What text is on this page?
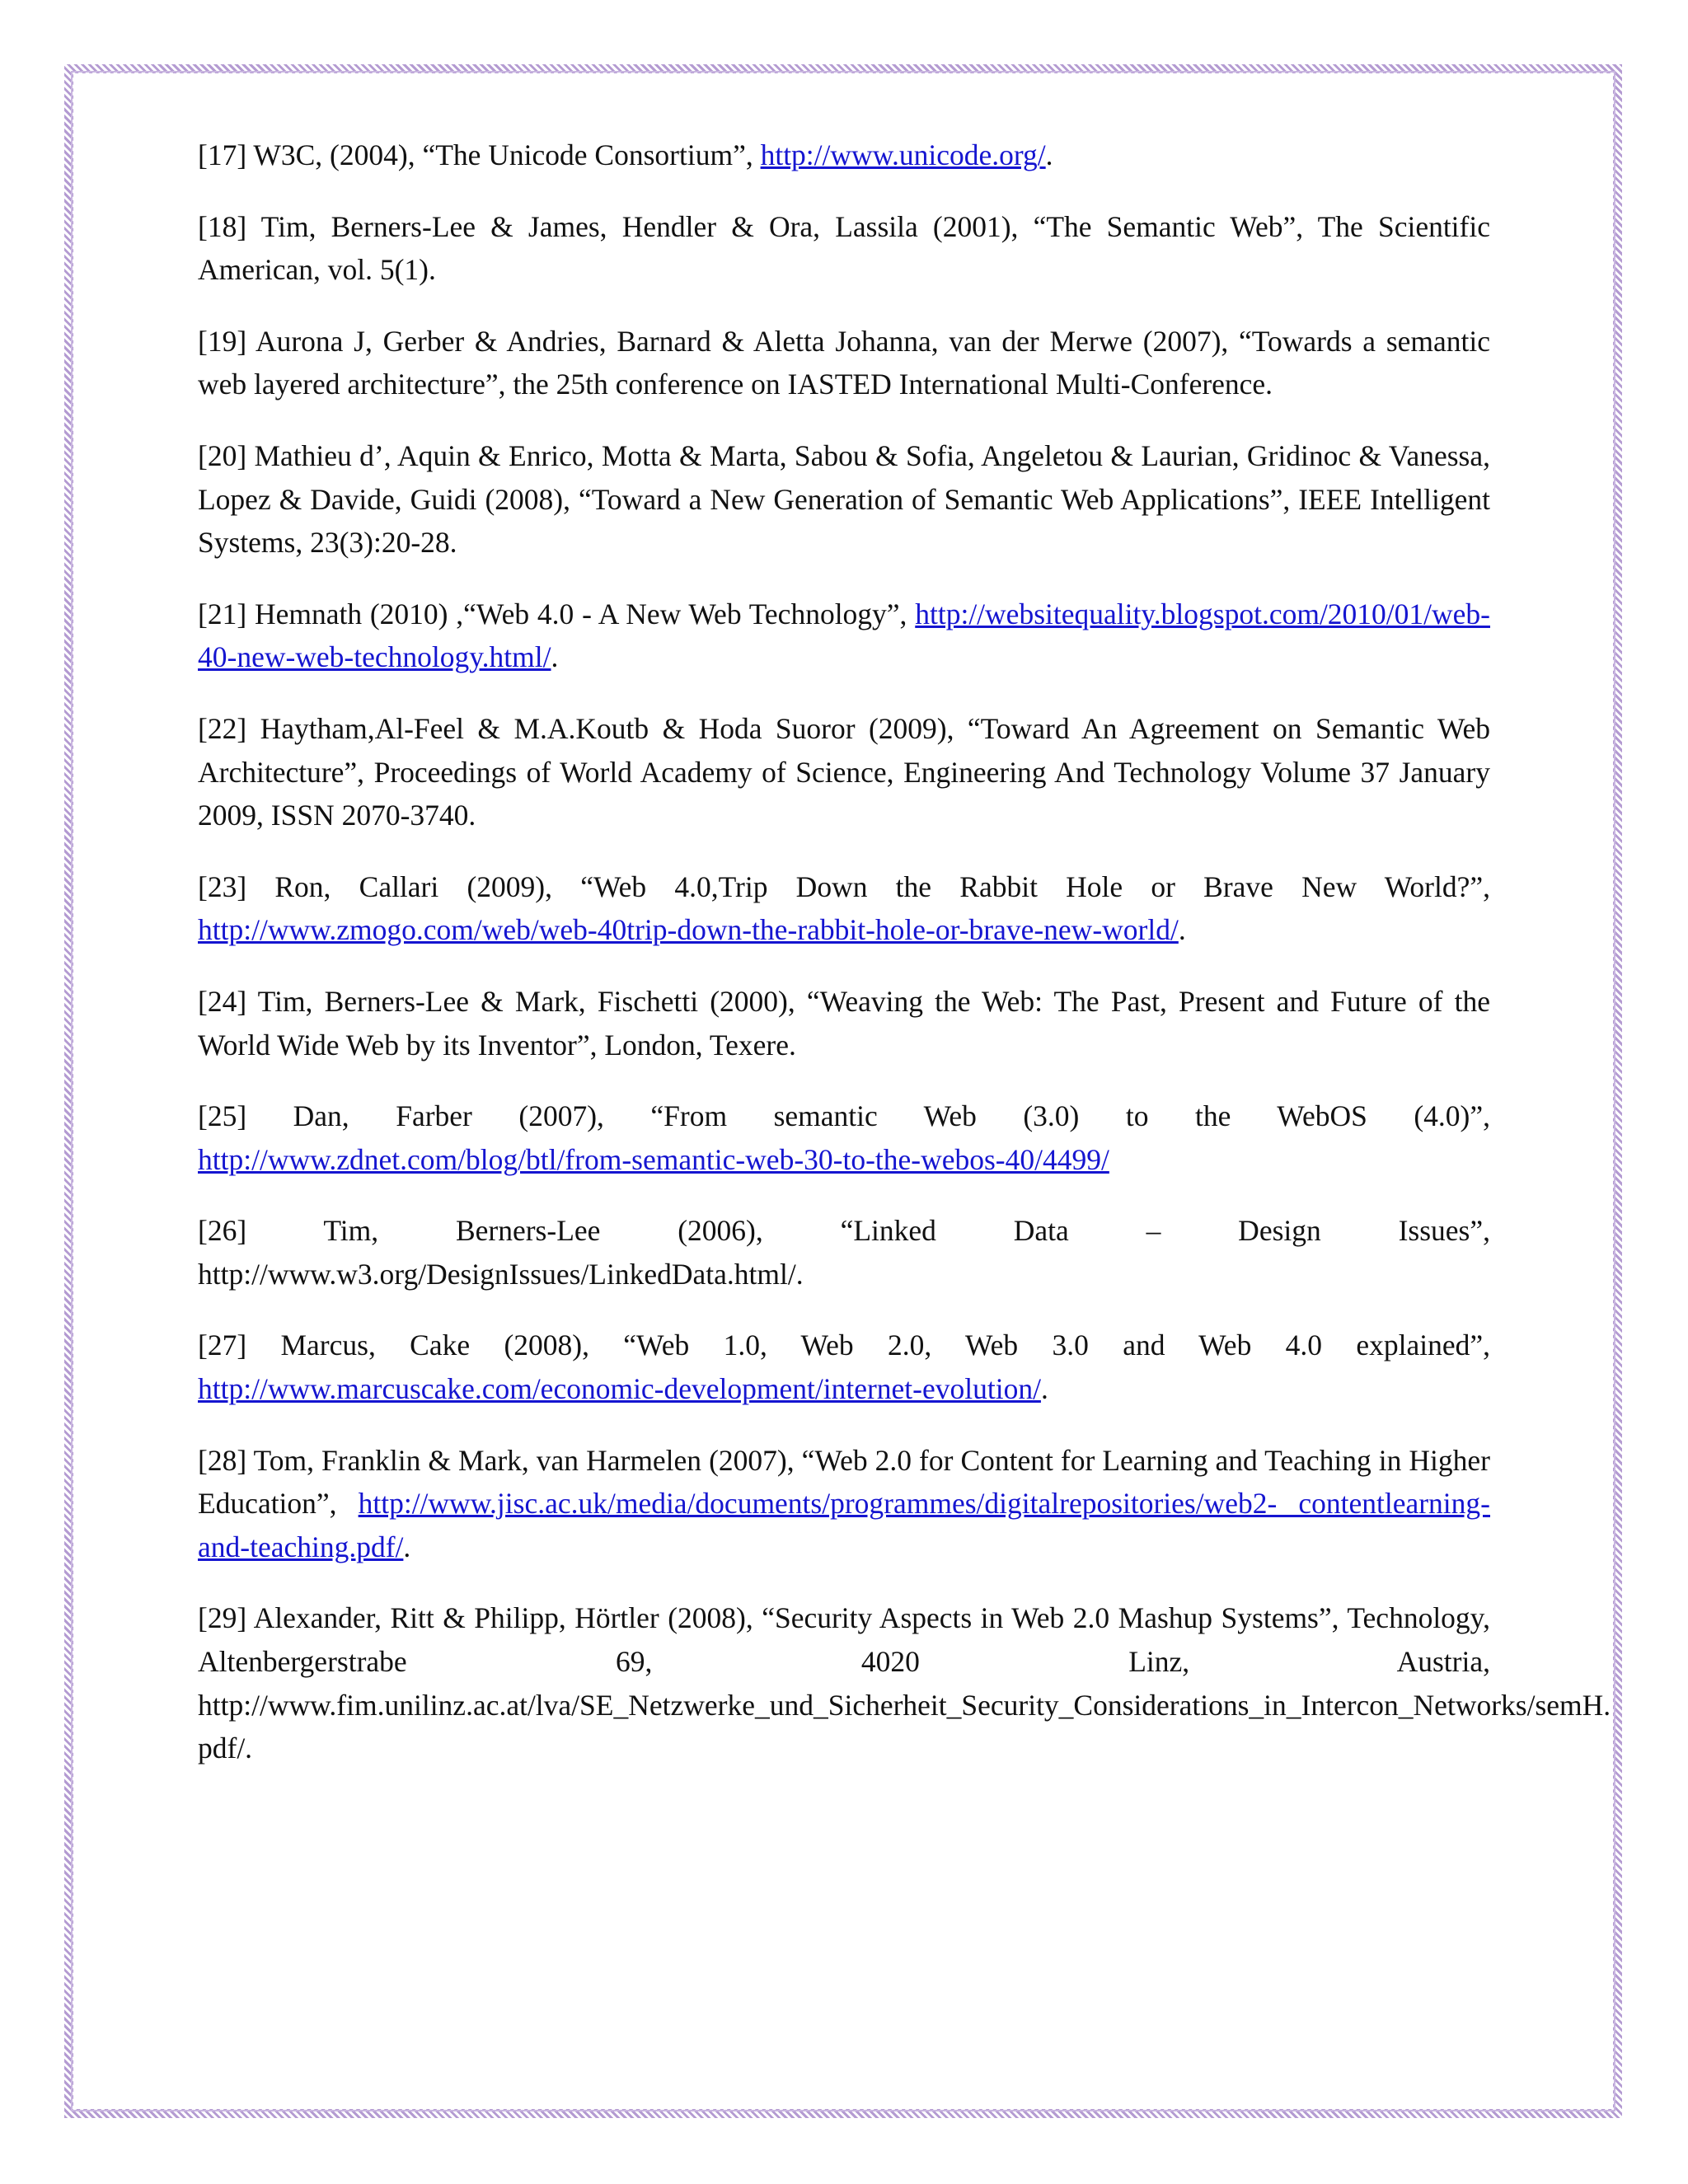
[17] W3C, (2004), “The Unicode Consortium”, http://www.unicode.org/.

[18] Tim, Berners-Lee & James, Hendler & Ora, Lassila (2001), “The Semantic Web”, The Scientific American, vol. 5(1).

[19] Aurona J, Gerber & Andries, Barnard & Aletta Johanna, van der Merwe (2007), “Towards a semantic web layered architecture”, the 25th conference on IASTED International Multi-Conference.

[20] Mathieu d’, Aquin & Enrico, Motta & Marta, Sabou & Sofia, Angeletou & Laurian, Gridinoc & Vanessa, Lopez & Davide, Guidi (2008), “Toward a New Generation of Semantic Web Applications”, IEEE Intelligent Systems, 23(3):20-28.

[21] Hemnath (2010) ,“Web 4.0 - A New Web Technology”, http://websitequality.blogspot.com/2010/01/web-40-new-web-technology.html/.

[22] Haytham,Al-Feel & M.A.Koutb & Hoda Suoror (2009), “Toward An Agreement on Semantic Web Architecture”, Proceedings of World Academy of Science, Engineering And Technology Volume 37 January 2009, ISSN 2070-3740.

[23] Ron, Callari (2009), “Web 4.0,Trip Down the Rabbit Hole or Brave New World?”, http://www.zmogo.com/web/web-40trip-down-the-rabbit-hole-or-brave-new-world/.

[24] Tim, Berners-Lee & Mark, Fischetti (2000), “Weaving the Web: The Past, Present and Future of the World Wide Web by its Inventor”, London, Texere.

[25] Dan, Farber (2007), “From semantic Web (3.0) to the WebOS (4.0)”, http://www.zdnet.com/blog/btl/from-semantic-web-30-to-the-webos-40/4499/

[26] Tim, Berners-Lee (2006), “Linked Data – Design Issues”, http://www.w3.org/DesignIssues/LinkedData.html/.

[27] Marcus, Cake (2008), “Web 1.0, Web 2.0, Web 3.0 and Web 4.0 explained”, http://www.marcuscake.com/economic-development/internet-evolution/.

[28] Tom, Franklin & Mark, van Harmelen (2007), “Web 2.0 for Content for Learning and Teaching in Higher Education”, http://www.jisc.ac.uk/media/documents/programmes/digitalrepositories/web2- contentlearning-and-teaching.pdf/.

[29] Alexander, Ritt & Philipp, Hörtler (2008), “Security Aspects in Web 2.0 Mashup Systems”, Technology, Altenbergerstrabe 69, 4020 Linz, Austria, http://www.fim.unilinz.ac.at/lva/SE_Netzwerke_und_Sicherheit_Security_Considerations_in_Intercon_Networks/semH. pdf/.
